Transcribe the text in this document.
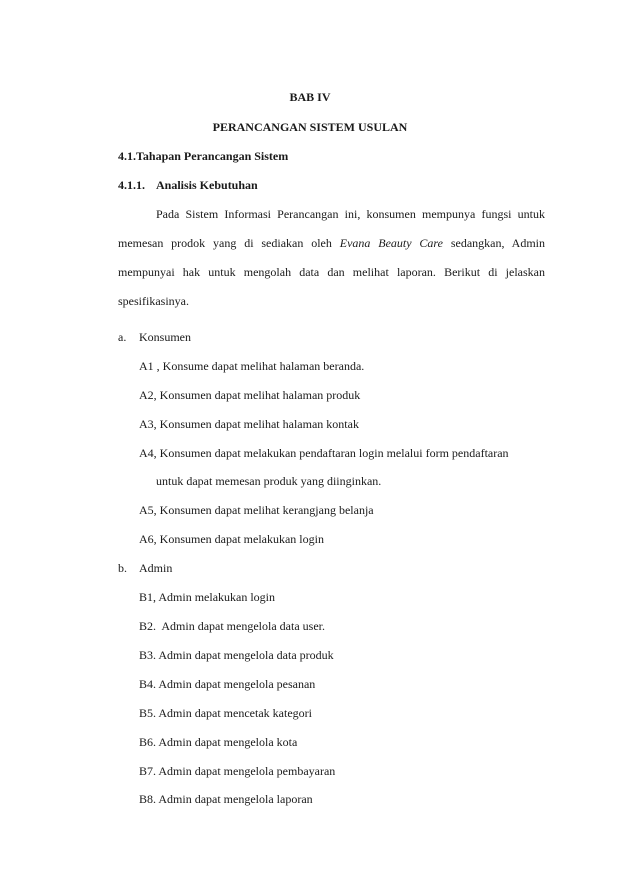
BAB IV
PERANCANGAN SISTEM USULAN
4.1.Tahapan Perancangan Sistem
4.1.1. Analisis Kebutuhan
Pada Sistem Informasi Perancangan ini, konsumen mempunya fungsi untuk
memesan prodok yang di sediakan oleh Evana Beauty Care sedangkan, Admin
mempunyai hak untuk mengolah data dan melihat laporan. Berikut di jelaskan
spesifikasinya.
a. Konsumen
A1 , Konsume dapat melihat halaman beranda.
A2, Konsumen dapat melihat halaman produk
A3, Konsumen dapat melihat halaman kontak
A4, Konsumen dapat melakukan pendaftaran login melalui form pendaftaran
untuk dapat memesan produk yang diinginkan.
A5, Konsumen dapat melihat kerangjang belanja
A6, Konsumen dapat melakukan login
b. Admin
B1, Admin melakukan login
B2.  Admin dapat mengelola data user.
B3. Admin dapat mengelola data produk
B4. Admin dapat mengelola pesanan
B5. Admin dapat mencetak kategori
B6. Admin dapat mengelola kota
B7. Admin dapat mengelola pembayaran
B8. Admin dapat mengelola laporan
